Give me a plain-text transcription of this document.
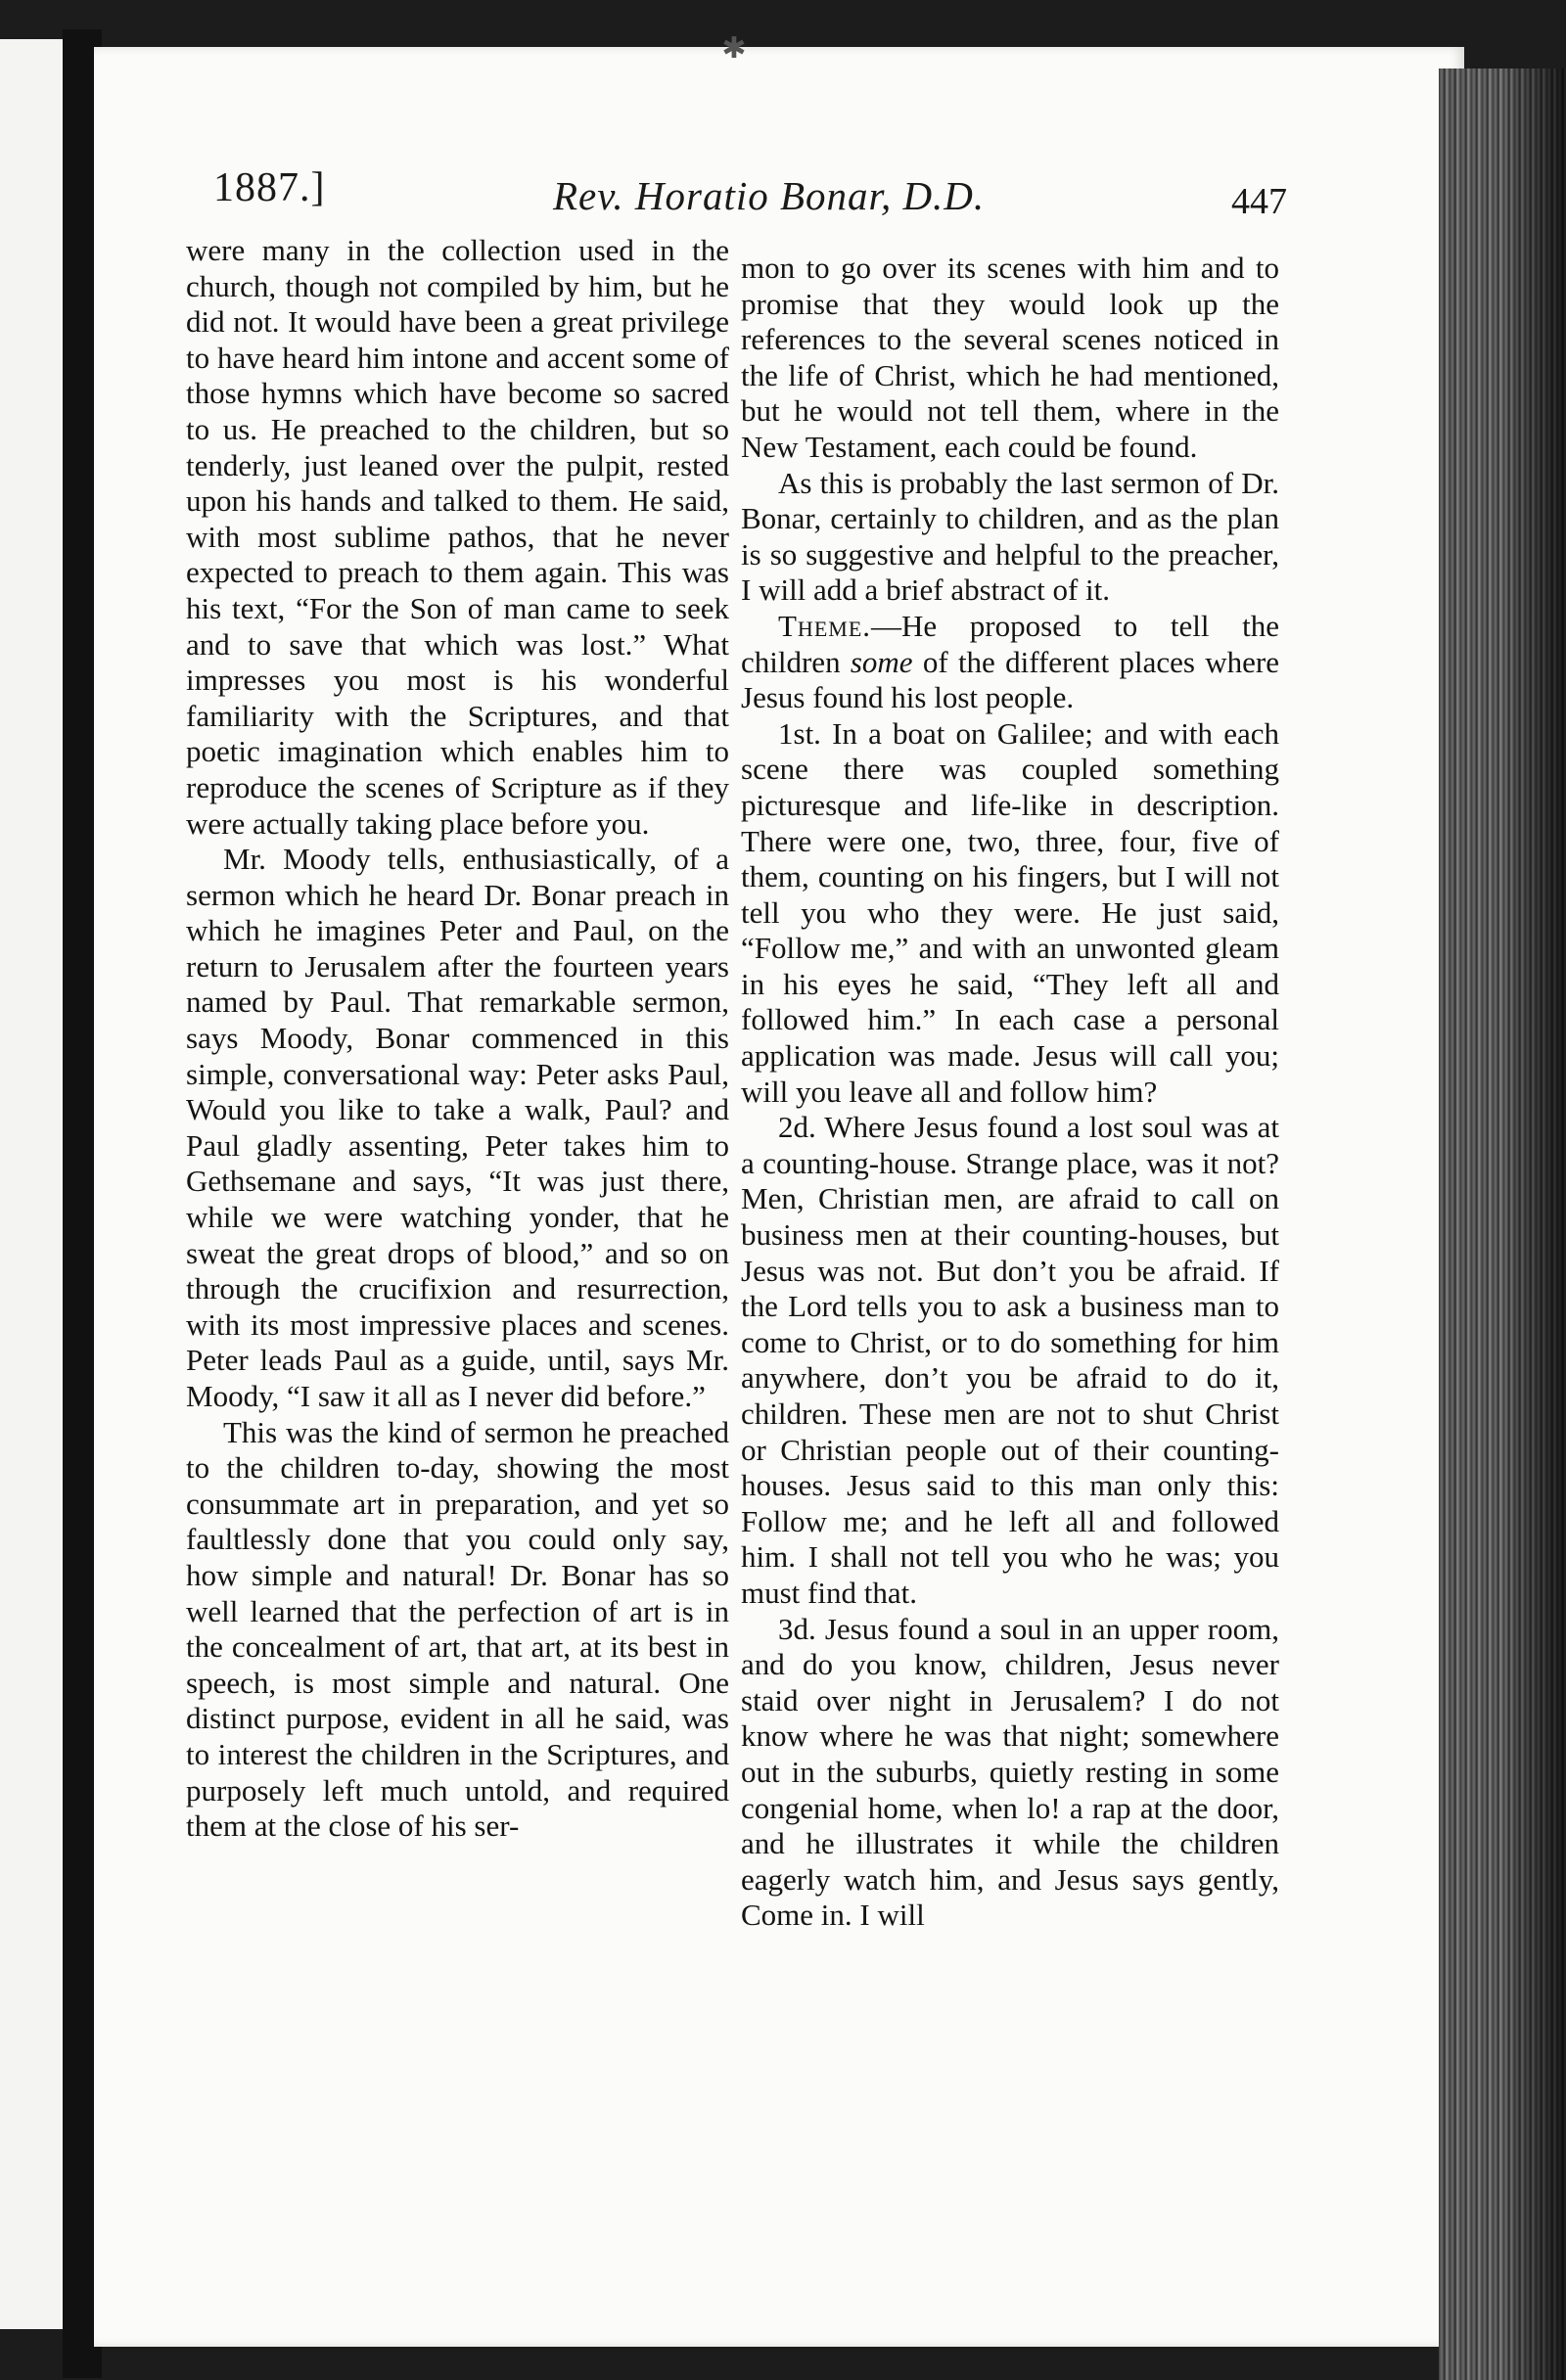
✱
1887.]	Rev. Horatio Bonar, D.D.	447

were many in the collection used in the church, though not compiled by him, but he did not. It would have been a great privilege to have heard him intone and accent some of those hymns which have become so sacred to us. He preached to the children, but so tenderly, just leaned over the pulpit, rested upon his hands and talked to them. He said, with most sublime pathos, that he never expected to preach to them again. This was his text, “For the Son of man came to seek and to save that which was lost.” What impresses you most is his wonderful familiarity with the Scriptures, and that poetic imagination which enables him to reproduce the scenes of Scripture as if they were actually taking place before you.

Mr. Moody tells, enthusiastically, of a sermon which he heard Dr. Bonar preach in which he imagines Peter and Paul, on the return to Jerusalem after the fourteen years named by Paul. That remarkable sermon, says Moody, Bonar commenced in this simple, conversational way: Peter asks Paul, Would you like to take a walk, Paul? and Paul gladly assenting, Peter takes him to Gethsemane and says, “It was just there, while we were watching yonder, that he sweat the great drops of blood,” and so on through the crucifixion and resurrection, with its most impressive places and scenes. Peter leads Paul as a guide, until, says Mr. Moody, “I saw it all as I never did before.”

This was the kind of sermon he preached to the children to-day, showing the most consummate art in preparation, and yet so faultlessly done that you could only say, how simple and natural! Dr. Bonar has so well learned that the perfection of art is in the concealment of art, that art, at its best in speech, is most simple and natural. One distinct purpose, evident in all he said, was to interest the children in the Scriptures, and purposely left much untold, and required them at the close of his ser-

mon to go over its scenes with him and to promise that they would look up the references to the several scenes noticed in the life of Christ, which he had mentioned, but he would not tell them, where in the New Testament, each could be found.

As this is probably the last sermon of Dr. Bonar, certainly to children, and as the plan is so suggestive and helpful to the preacher, I will add a brief abstract of it.

Theme.—He proposed to tell the children some of the different places where Jesus found his lost people.

1st. In a boat on Galilee; and with each scene there was coupled something picturesque and life-like in description. There were one, two, three, four, five of them, counting on his fingers, but I will not tell you who they were. He just said, “Follow me,” and with an unwonted gleam in his eyes he said, “They left all and followed him.” In each case a personal application was made. Jesus will call you; will you leave all and follow him?

2d. Where Jesus found a lost soul was at a counting-house. Strange place, was it not? Men, Christian men, are afraid to call on business men at their counting-houses, but Jesus was not. But don’t you be afraid. If the Lord tells you to ask a business man to come to Christ, or to do something for him anywhere, don’t you be afraid to do it, children. These men are not to shut Christ or Christian people out of their counting-houses. Jesus said to this man only this: Follow me; and he left all and followed him. I shall not tell you who he was; you must find that.

3d. Jesus found a soul in an upper room, and do you know, children, Jesus never staid over night in Jerusalem? I do not know where he was that night; somewhere out in the suburbs, quietly resting in some congenial home, when lo! a rap at the door, and he illustrates it while the children eagerly watch him, and Jesus says gently, Come in. I will
